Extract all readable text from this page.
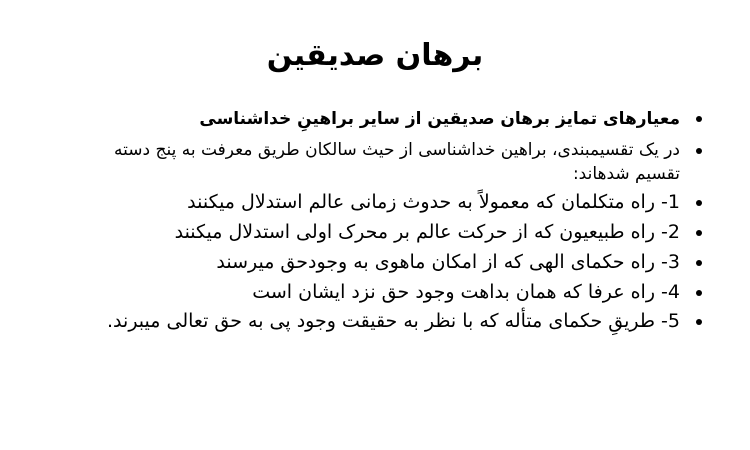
برهان صدیقین
معیارهای تمایز برهان صدیقین از سایر براهینِ خداشناسی
در یک تقسیمبندی، براهین خداشناسی از حیث سالکان طریق معرفت به پنج دسته تقسیم شدهاند:
1- راه متکلمان که معمولاً به حدوث زمانی عالم استدلال میکنند
2- راه طبیعیون که از حرکت عالم بر محرک اولی استدلال میکنند
3- راه حکمای الهی که از امکان ماهوی به وجودحق میرسند
4- راه عرفا که همان بداهت وجود حق نزد ایشان است
5- طریقِ حکمای متأله که با نظر به حقیقت وجود پی به حق تعالی میبرند.
